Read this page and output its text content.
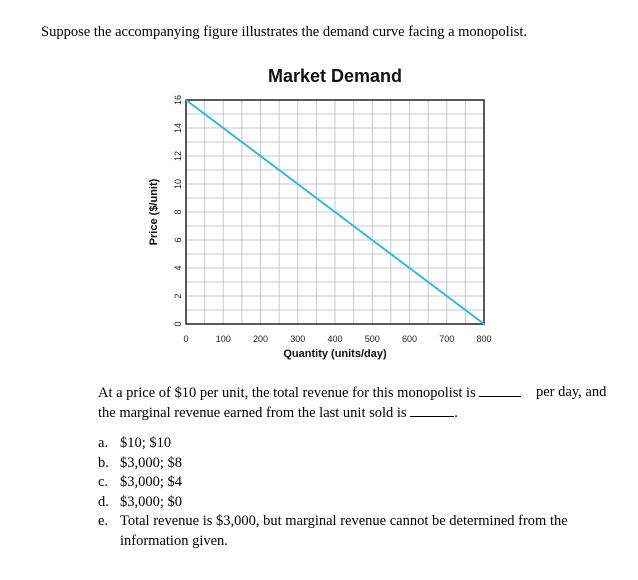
Suppose the accompanying figure illustrates the demand curve facing a monopolist.
Market Demand
0
2
4
6
8
10
12
14
16
0	100 200 300 400 500 600 700 800
Quantity (units/day)
Price ($/unit)
At a price of $10 per unit, the total revenue for this monopolist is	per day, and
the marginal revenue earned from the last unit sold is	.
a. $10; $10
b. $3,000; $8
c. $3,000; $4
d. $3,000; $0
e. Total revenue is $3,000, but marginal revenue cannot be determined from the information given.
